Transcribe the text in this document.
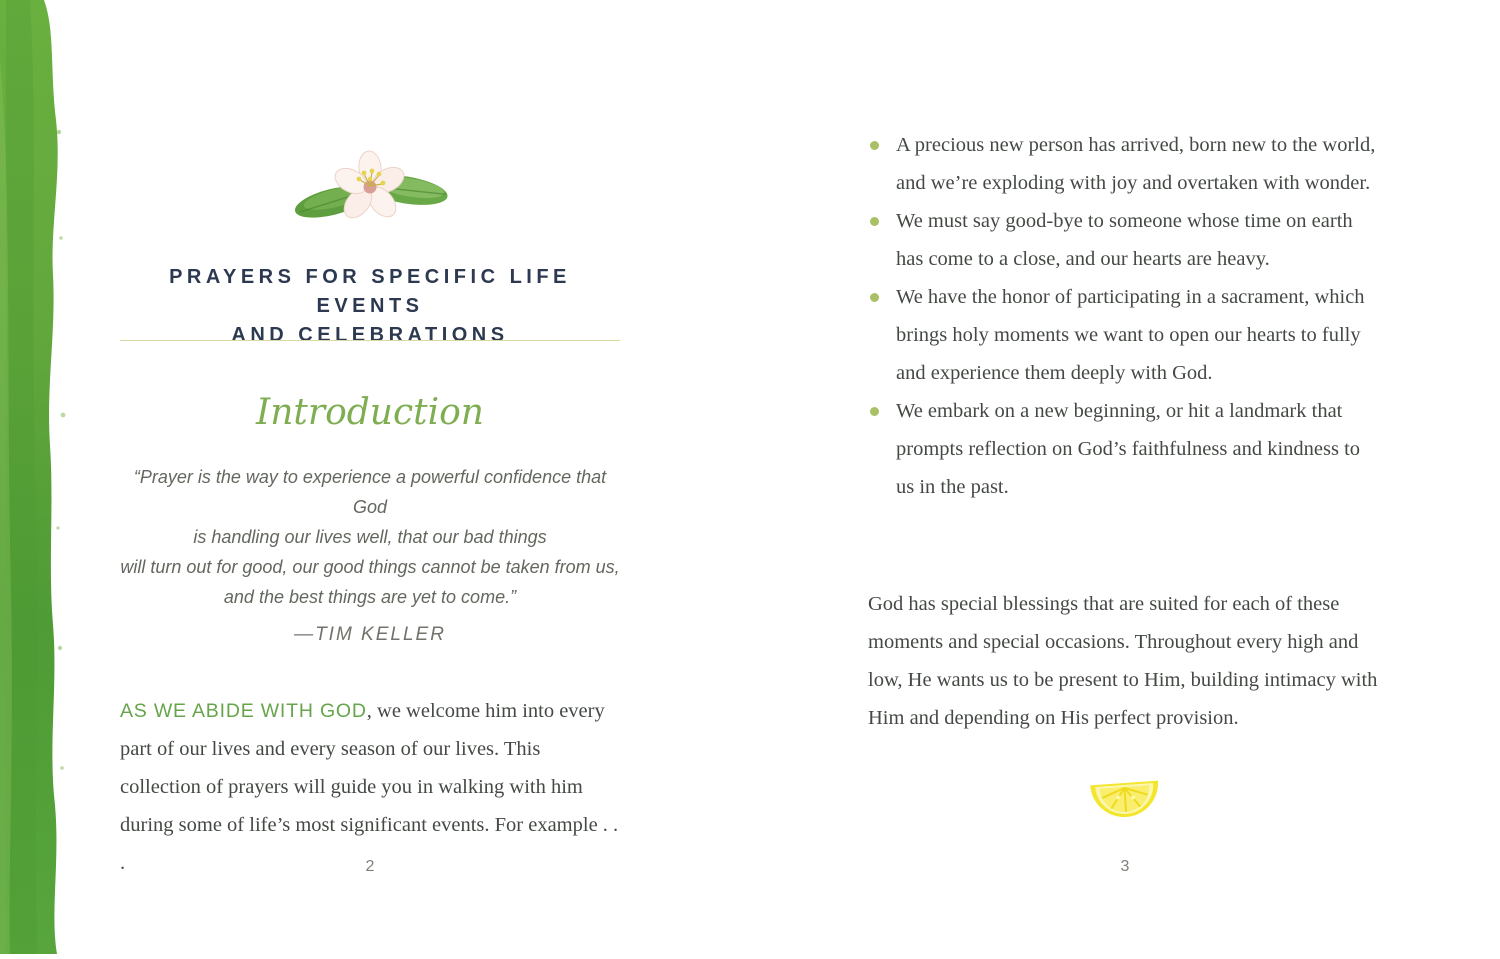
PRAYERS FOR SPECIFIC LIFE EVENTS
AND CELEBRATIONS
Introduction
“Prayer is the way to experience a powerful confidence that God
is handling our lives well, that our bad things
will turn out for good, our good things cannot be taken from us,
and the best things are yet to come.”
—TIM KELLER

AS WE ABIDE WITH GOD, we welcome him into every part of our lives and every season of our lives. This collection of prayers will guide you in walking with him during some of life’s most significant events. For example . . .	2
A precious new person has arrived, born new to the world, and we’re exploding with joy and overtaken with wonder.
We must say good-bye to someone whose time on earth has come to a close, and our hearts are heavy.
We have the honor of participating in a sacrament, which brings holy moments we want to open our hearts to fully and experience them deeply with God.
We embark on a new beginning, or hit a landmark that prompts reflection on God’s faithfulness and kindness to us in the past.

God has special blessings that are suited for each of these moments and special occasions. Throughout every high and low, He wants us to be present to Him, building intimacy with Him and depending on His perfect provision.

3
